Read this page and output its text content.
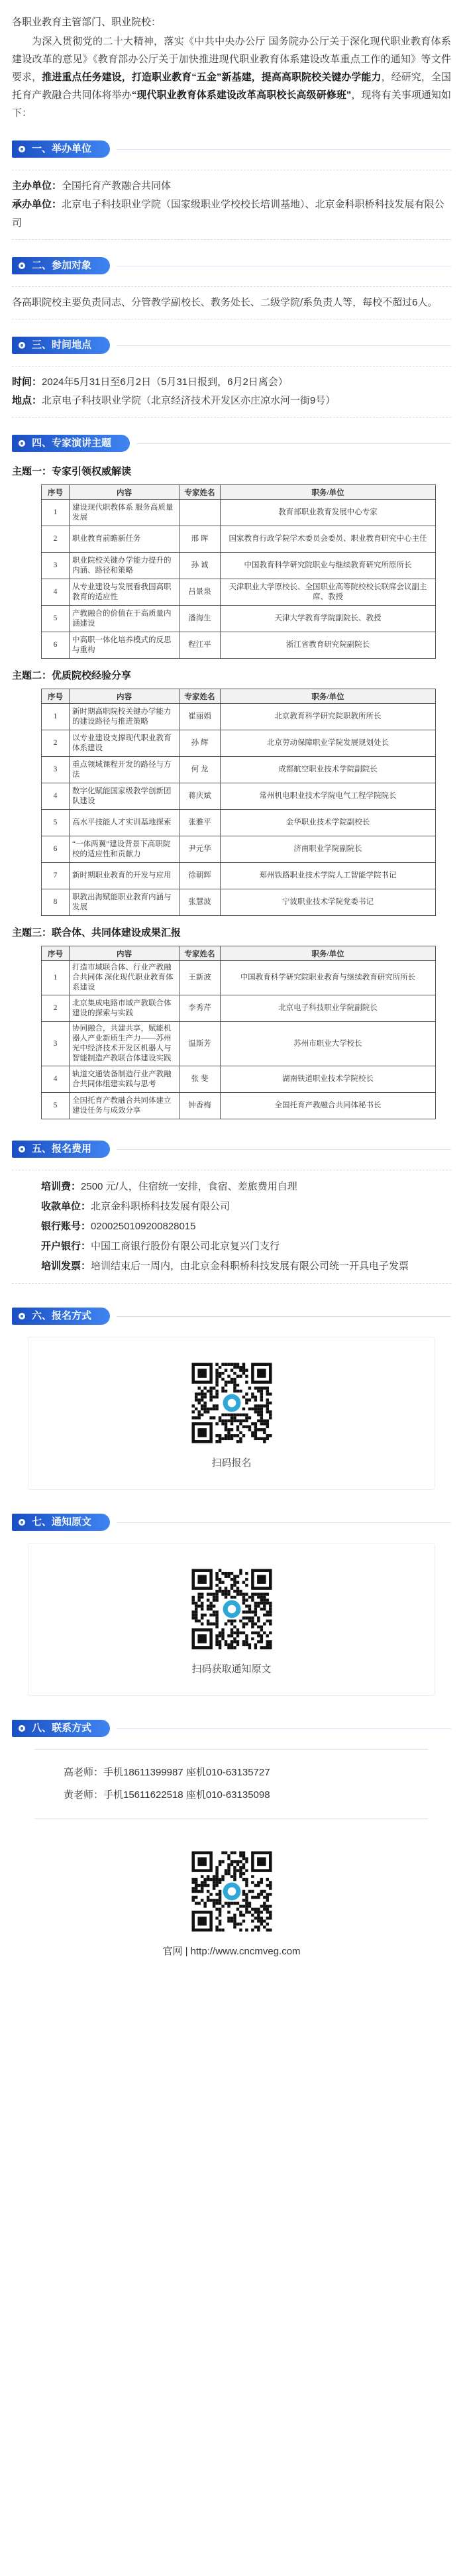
各职业教育主管部门、职业院校：

为深入贯彻党的二十大精神，落实《中共中央办公厅 国务院办公厅关于深化现代职业教育体系建设改革的意见》《教育部办公厅关于加快推进现代职业教育体系建设改革重点工作的通知》等文件要求，推进重点任务建设，打造职业教育“五金”新基建，提高高职院校关键办学能力，经研究，全国托育产教融合共同体将举办“现代职业教育体系建设改革高职校长高级研修班”，现将有关事项通知如下：

一、举办单位

主办单位：全国托育产教融合共同体

承办单位：北京电子科技职业学院（国家级职业学校校长培训基地）、北京金科职桥科技发展有限公司

二、参加对象

各高职院校主要负责同志、分管教学副校长、教务处长、二级学院/系负责人等，每校不超过6人。

三、时间地点

时间：2024年5月31日至6月2日（5月31日报到，6月2日离会）

地点：北京电子科技职业学院（北京经济技术开发区亦庄凉水河一街9号）

四、专家演讲主题
主题一：专家引领权威解读
序号	内容	专家姓名	职务/单位
1	建设现代职教体系 服务高质量发展		教育部职业教育发展中心专家
2	职业教育前瞻新任务	邢 晖	国家教育行政学院学术委员会委员、职业教育研究中心主任
3	职业院校关键办学能力提升的内涵、路径和策略	孙 诚	中国教育科学研究院职业与继续教育研究所原所长
4	从专业建设与发展看我国高职教育的适应性	吕景泉	天津职业大学原校长、全国职业高等院校校长联席会议副主席、教授
5	产教融合的价值在于高质量内涵建设	潘海生	天津大学教育学院副院长、教授
6	中高职一体化培养模式的反思与重构	程江平	浙江省教育研究院副院长
主题二：优质院校经验分享
序号	内容	专家姓名	职务/单位
1	新时期高职院校关键办学能力的建设路径与推进策略	崔丽娟	北京教育科学研究院职教所所长
2	以专业建设支撑现代职业教育体系建设	孙 辉	北京劳动保障职业学院发展规划处长
3	重点领域课程开发的路径与方法	何 龙	成都航空职业技术学院副院长
4	数字化赋能国家级教学创新团队建设	蒋庆斌	常州机电职业技术学院电气工程学院院长
5	高水平技能人才实训基地探索	张雅平	金华职业技术学院副校长
6	“一体两翼”建设背景下高职院校的适应性和贡献力	尹元华	济南职业学院副院长
7	新时期职业教育的开发与应用	徐朝辉	郑州铁路职业技术学院人工智能学院书记
8	职教出海赋能职业教育内涵与发展	张慧波	宁波职业技术学院党委书记
主题三：联合体、共同体建设成果汇报
序号	内容	专家姓名	职务/单位
1	打造市域联合体、行业产教融合共同体 深化现代职业教育体系建设	王新波	中国教育科学研究院职业教育与继续教育研究所所长
2	北京集成电路市域产教联合体建设的探索与实践	李秀芹	北京电子科技职业学院副院长
3	协同融合，共建共享，赋能机器人产业新质生产力——苏州光中经济技术开发区机器人与智能制造产教联合体建设实践	温斯芳	苏州市职业大学校长
4	轨道交通装备制造行业产教融合共同体组建实践与思考	张 斐	湖南铁道职业技术学院校长
5	全国托育产教融合共同体建立建设任务与成效分享	钟香梅	全国托育产教融合共同体秘书长
五、报名费用

培训费：2500 元/人，住宿统一安排，食宿、差旅费用自理

收款单位：北京金科职桥科技发展有限公司

银行账号：0200250109200828015

开户银行：中国工商银行股份有限公司北京复兴门支行

培训发票：培训结束后一周内，由北京金科职桥科技发展有限公司统一开具电子发票

六、报名方式
扫码报名
七、通知原文
扫码获取通知原文
八、联系方式

高老师：手机18611399987 座机010-63135727

黄老师：手机15611622518 座机010-63135098

官网 | http://www.cncmveg.com
